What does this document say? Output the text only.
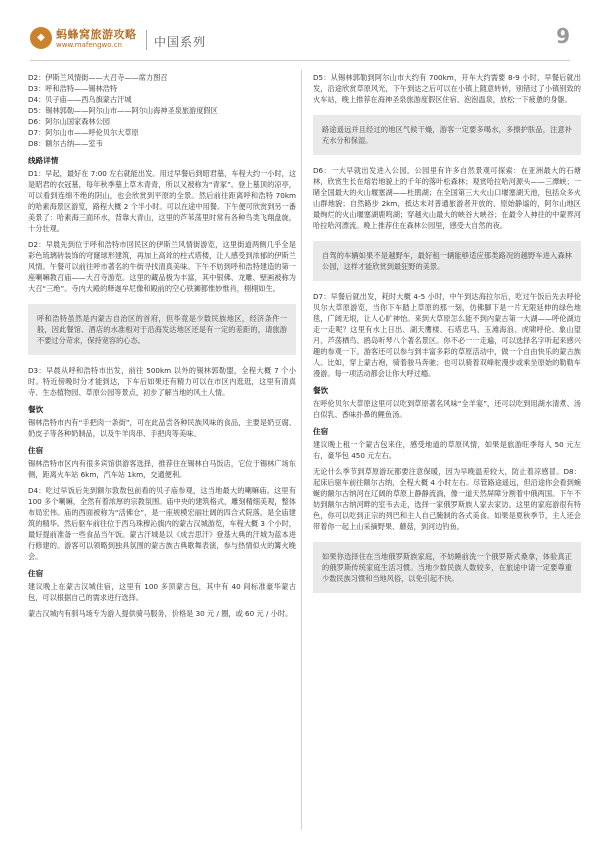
◆	蚂蜂窝旅游攻略
www.mafengwo.cn	中国系列	9

D2：伊斯兰风情街——大召寺——席力图召

D3：呼和浩特——锡林浩特

D4：贝子庙——西乌旗蒙古汗城

D5：锡林郭勒——阿尔山市——阿尔山海神圣泉旅游度假区

D6：阿尔山国家森林公园

D7：阿尔山市——呼伦贝尔大草原

D8：额尔古纳——室韦

线路详情

D1：早起，最好在 7:00 左右就能出发。用过早餐后到昭君墓，车程大约一小时，这是昭君的衣冠墓，每年秋季墓上草木青青，所以又被称为“青冢”。登上墓顶的凉亭，可以看到连绵不绝的阴山，也会欣赏到平原的全景。然后前往距离呼和浩特 70km 的哈素海景区游览，路程大概 2 个半小时。可以在途中用餐。下午便可欣赏到另一番美景了：哈素海三面环水，背靠大青山，这里的芦苇荡里时常有各种鸟类飞翔盘旋，十分壮观。

D2：早晨先到位于呼和浩特市回民区的伊斯兰风情街游览，这里街道两侧几乎全是彩色琉璃砖装饰的穹窿球形建筑，再加上高耸的柱式塔楼，让人感受到浓郁的伊斯兰风情。午餐可以前往呼市著名的牛街寻找清真美味。下午不妨到呼和浩特建造的第一座喇嘛教召庙——大召寺游览。这里的藏品极为丰富，其中银佛、龙雕、壁画被称为大召“三绝”。寺内大殿的释迦牟尼像和殿前的空心铁狮都惟妙惟肖，栩栩如生。

呼和浩特虽然是内蒙古自治区的首府，但毕竟是少数民族地区，经济条件一般，因此餐馆、酒店的水准相对于沿海发达地区还是有一定的差距的，请旅游不要过分苛求，保持宽容的心态。

D3：早晨从呼和浩特市出发，前往 500km 以外的锡林郭勒盟，全程大概 7 个小时。特近傍晚时分才能到达，下车后如果还有精力可以在市区内逛逛，这里有清真寺、生态植物园、草原公园等景点，初步了解当地的风土人情。

餐饮

锡林浩特市内有“手把肉一条街”，可在此品尝各种民族风味的食品，主要是奶豆腐、奶皮子等各种奶制品，以及牛羊肉串、手把肉等美味。

住宿

锡林浩特市区内有很多宾馆供游客选择，推荐住在锡林白马饭店，它位于锡林广场东侧，距离火车站 6km，汽车站 1km，交通便利。

D4：吃过早饭后先到额尔敦敖包前看的贝子庙参观，这当地最大的喇嘛庙。这里有 100 多个喇嘛，全然有着浓厚的宗教氛围。庙中央的建筑格式，雕刻精细美观，整体布局宏伟。庙的西面被称为“活佛仓”，是一座规模宏丽壮阔的四合式院落，是全庙建筑的精华。然后驱车前往位于西乌珠穆沁旗内的蒙古汉城游览，车程大概 3 个小时，最好提前准备一些食品当午饭。蒙古汗城是以《成吉思汗》登基大典的汗城为蓝本进行修建的。游客可以领略到独具氛围的蒙古族古典歌舞表演，参与热情似火的篝火晚会。

住宿

建议晚上在蒙古汉城住宿，这里有 100 多顶蒙古包，其中有 40 间标准豪华蒙古包，可以根据自己的需求进行选择。

蒙古汉城内有驯马场专为游人提供骑马服务，价格是 30 元 / 圈，或 60 元 / 小时。

D5：从锡林郭勒到阿尔山市大约有 700km，开车大约需要 8-9 小时，早餐后就出发，沿途欣赏草原风光，下午到达之后可以在小镇上随意转转，别错过了小镇别致的火车站，晚上推荐在海神圣泉旅游度假区住宿、泡泡温泉，放松一下疲惫的身躯。

路途遥远并且经过的地区气候干燥，游客一定要多喝水，多擦护肤品，注意补充水分和保湿。

D6：一大早就出发进入公园，公园里有许多自然景观可探索：在亚洲最大的石塘林，欣赏生长在熔岩地貌上的千年的落叶松森林；观赏哈拉哈河源头——三潭峡；一睹全国最大的火山堰塞湖——杜鹃湖；在全国第三大火山口堰塞湖天池，包括众多火山群地貌；自然路步 2km，抵达未对普通旅游者开放的、原始静谧的，阿尔山地区最绚烂的火山堰塞湖鹿鸣湖；穿越火山最大的峡谷大峡谷；在最令人神往的中蒙界河哈拉哈河漂流。晚上推荐住在森林公园里，感受大自然的夜。

自驾的车辆如果不是越野车，最好租一辆能够适应那类路况的越野车进入森林公园，这样才能欣赏到最狂野的美景。

D7：早餐后就出发，耗时大概 4-5 小时，中午到达海拉尔后，吃过午饭后先去呼伦贝尔大草原游览，当你下车踏上草原的那一刻，仿佛脚下是一片无限延伸的绿色地毯，广阔无垠，让人心旷神怡。来到大草原怎么能不到内蒙古第一大湖——呼伦湖边走一走呢？这里有水上日出、湖天鹰楼、石塔忠马、玉滩海浪、虎啸呼伦、象山望月、芦荡栖鸟、鸥岛听琴八个著名景区。你不必一一走遍，可以选择名字听起来感兴趣的参观一下。游客还可以参与到丰富多彩的草原活动中，做一个自由快乐的蒙古族人。比如，穿上蒙古袍，骑着骏马奔驰；也可以骑着双峰驼漫步或乘坐原始的勒勒车漫游。每一项活动都会让你大呼过瘾。

餐饮

在呼伦贝尔大草原这里可以吃到草原著名风味“全羊宴”，还可以吃到用湖水清煮、汤白似乳、香味扑鼻的鲤鱼汤。

住宿

建议晚上租一个蒙古包来住，感受地道的草原风情，如果是旅游旺季每人 50 元左右，豪华包 450 元左右。

无论什么季节到草原游玩都要注意保暖，因为早晚温差较大，防止着凉感冒。D8：起床后驱车前往额尔古纳，全程大概 4 小时左右。尽管路途遥远，但沿途你会看到蜿蜒的额尔古纳河在辽阔的草原上静静流淌，像一道天然屏障分割着中俄两国。下午不妨到额尔古纳河畔的室韦去走，选择一家俄罗斯族人家去家访。这里的家庭游很有特色，你可以吃到正宗的列巴和主人自己腌制的各式美食。如果是夏秋季节，主人还会带着你一起上山采摘野果、蘑菇，到河边钓鱼。

如果你选择住在当地俄罗斯族家庭，不妨睡前洗一个俄罗斯式桑拿，体验真正的俄罗斯传统家庭生活习惯。当地少数民族人数较多，在旅途中请一定要尊重少数民族习惯和当地风俗，以免引起不快。
